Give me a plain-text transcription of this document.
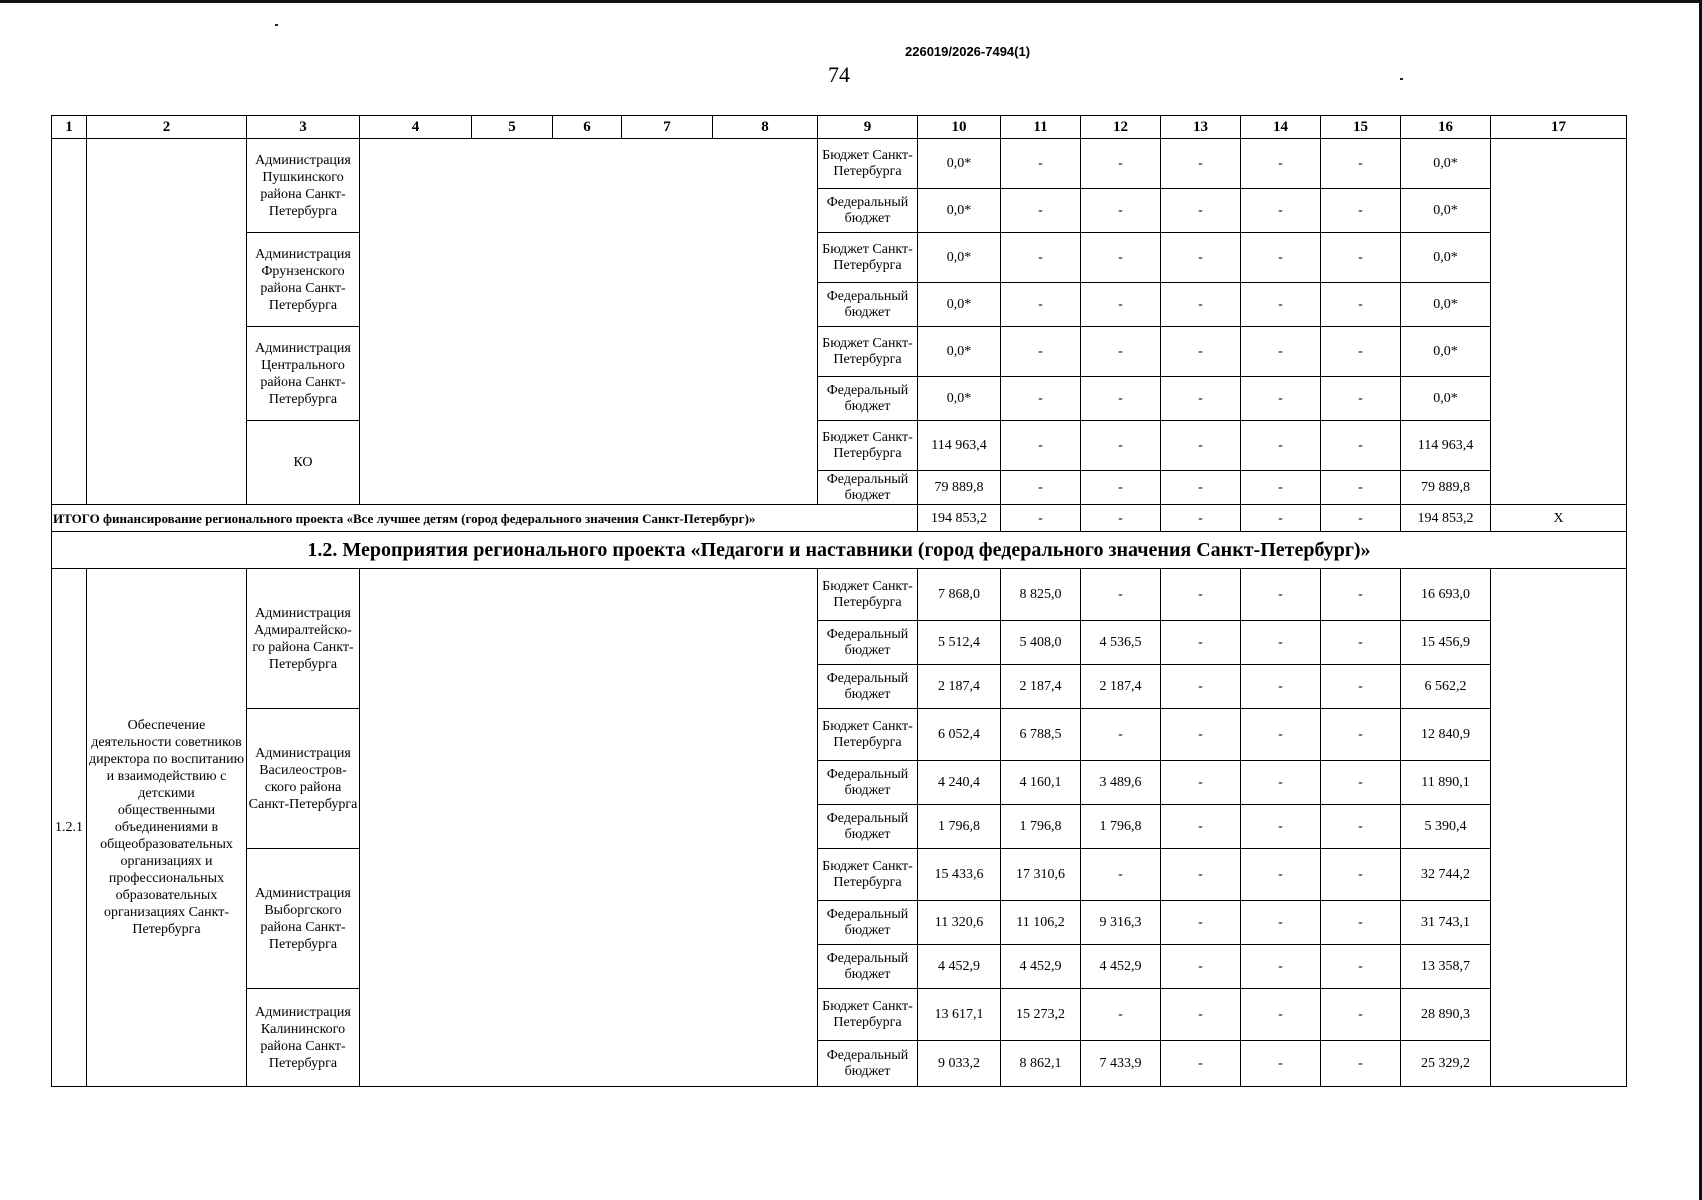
226019/2026-7494(1)
74
1	2	3	4	5	6	7	8	9	10	11	12	13	14	15	16	17
		Администрация Пушкинского района Санкт-Петербурга						Бюджет Санкт-Петербурга	0,0*	-	-	-	-	-	0,0*	
								Федеральный бюджет	0,0*	-	-	-	-	-	0,0*	
		Администрация Фрунзенского района Санкт-Петербурга						Бюджет Санкт-Петербурга	0,0*	-	-	-	-	-	0,0*	
								Федеральный бюджет	0,0*	-	-	-	-	-	0,0*	
		Администрация Центрального района Санкт-Петербурга						Бюджет Санкт-Петербурга	0,0*	-	-	-	-	-	0,0*	
								Федеральный бюджет	0,0*	-	-	-	-	-	0,0*	
		КО						Бюджет Санкт-Петербурга	114 963,4	-	-	-	-	-	114 963,4	
								Федеральный бюджет	79 889,8	-	-	-	-	-	79 889,8	
ИТОГО финансирование регионального проекта «Все лучшее детям (город федерального значения Санкт-Петербург)»									194 853,2	-	-	-	-	-	194 853,2	X
1.2. Мероприятия регионального проекта «Педагоги и наставники (город федерального значения Санкт-Петербург)»																
1.2.1	Обеспечение деятельности советников директора по воспитанию и взаимодействию с детскими общественными объединениями в общеобразовательных организациях и профессиональных образовательных организациях Санкт-Петербурга	Администрация Адмиралтейско-го района Санкт-Петербурга						Бюджет Санкт-Петербурга	7 868,0	8 825,0	-	-	-	-	16 693,0	
								Федеральный бюджет	5 512,4	5 408,0	4 536,5	-	-	-	15 456,9	
								Федеральный бюджет	2 187,4	2 187,4	2 187,4	-	-	-	6 562,2	
		Администрация Василеостров-ского района Санкт-Петербурга						Бюджет Санкт-Петербурга	6 052,4	6 788,5	-	-	-	-	12 840,9	
								Федеральный бюджет	4 240,4	4 160,1	3 489,6	-	-	-	11 890,1	
								Федеральный бюджет	1 796,8	1 796,8	1 796,8	-	-	-	5 390,4	
		Администрация Выборгского района Санкт-Петербурга						Бюджет Санкт-Петербурга	15 433,6	17 310,6	-	-	-	-	32 744,2	
								Федеральный бюджет	11 320,6	11 106,2	9 316,3	-	-	-	31 743,1	
								Федеральный бюджет	4 452,9	4 452,9	4 452,9	-	-	-	13 358,7	
		Администрация Калининского района Санкт-Петербурга						Бюджет Санкт-Петербурга	13 617,1	15 273,2	-	-	-	-	28 890,3	
								Федеральный бюджет	9 033,2	8 862,1	7 433,9	-	-	-	25 329,2	
